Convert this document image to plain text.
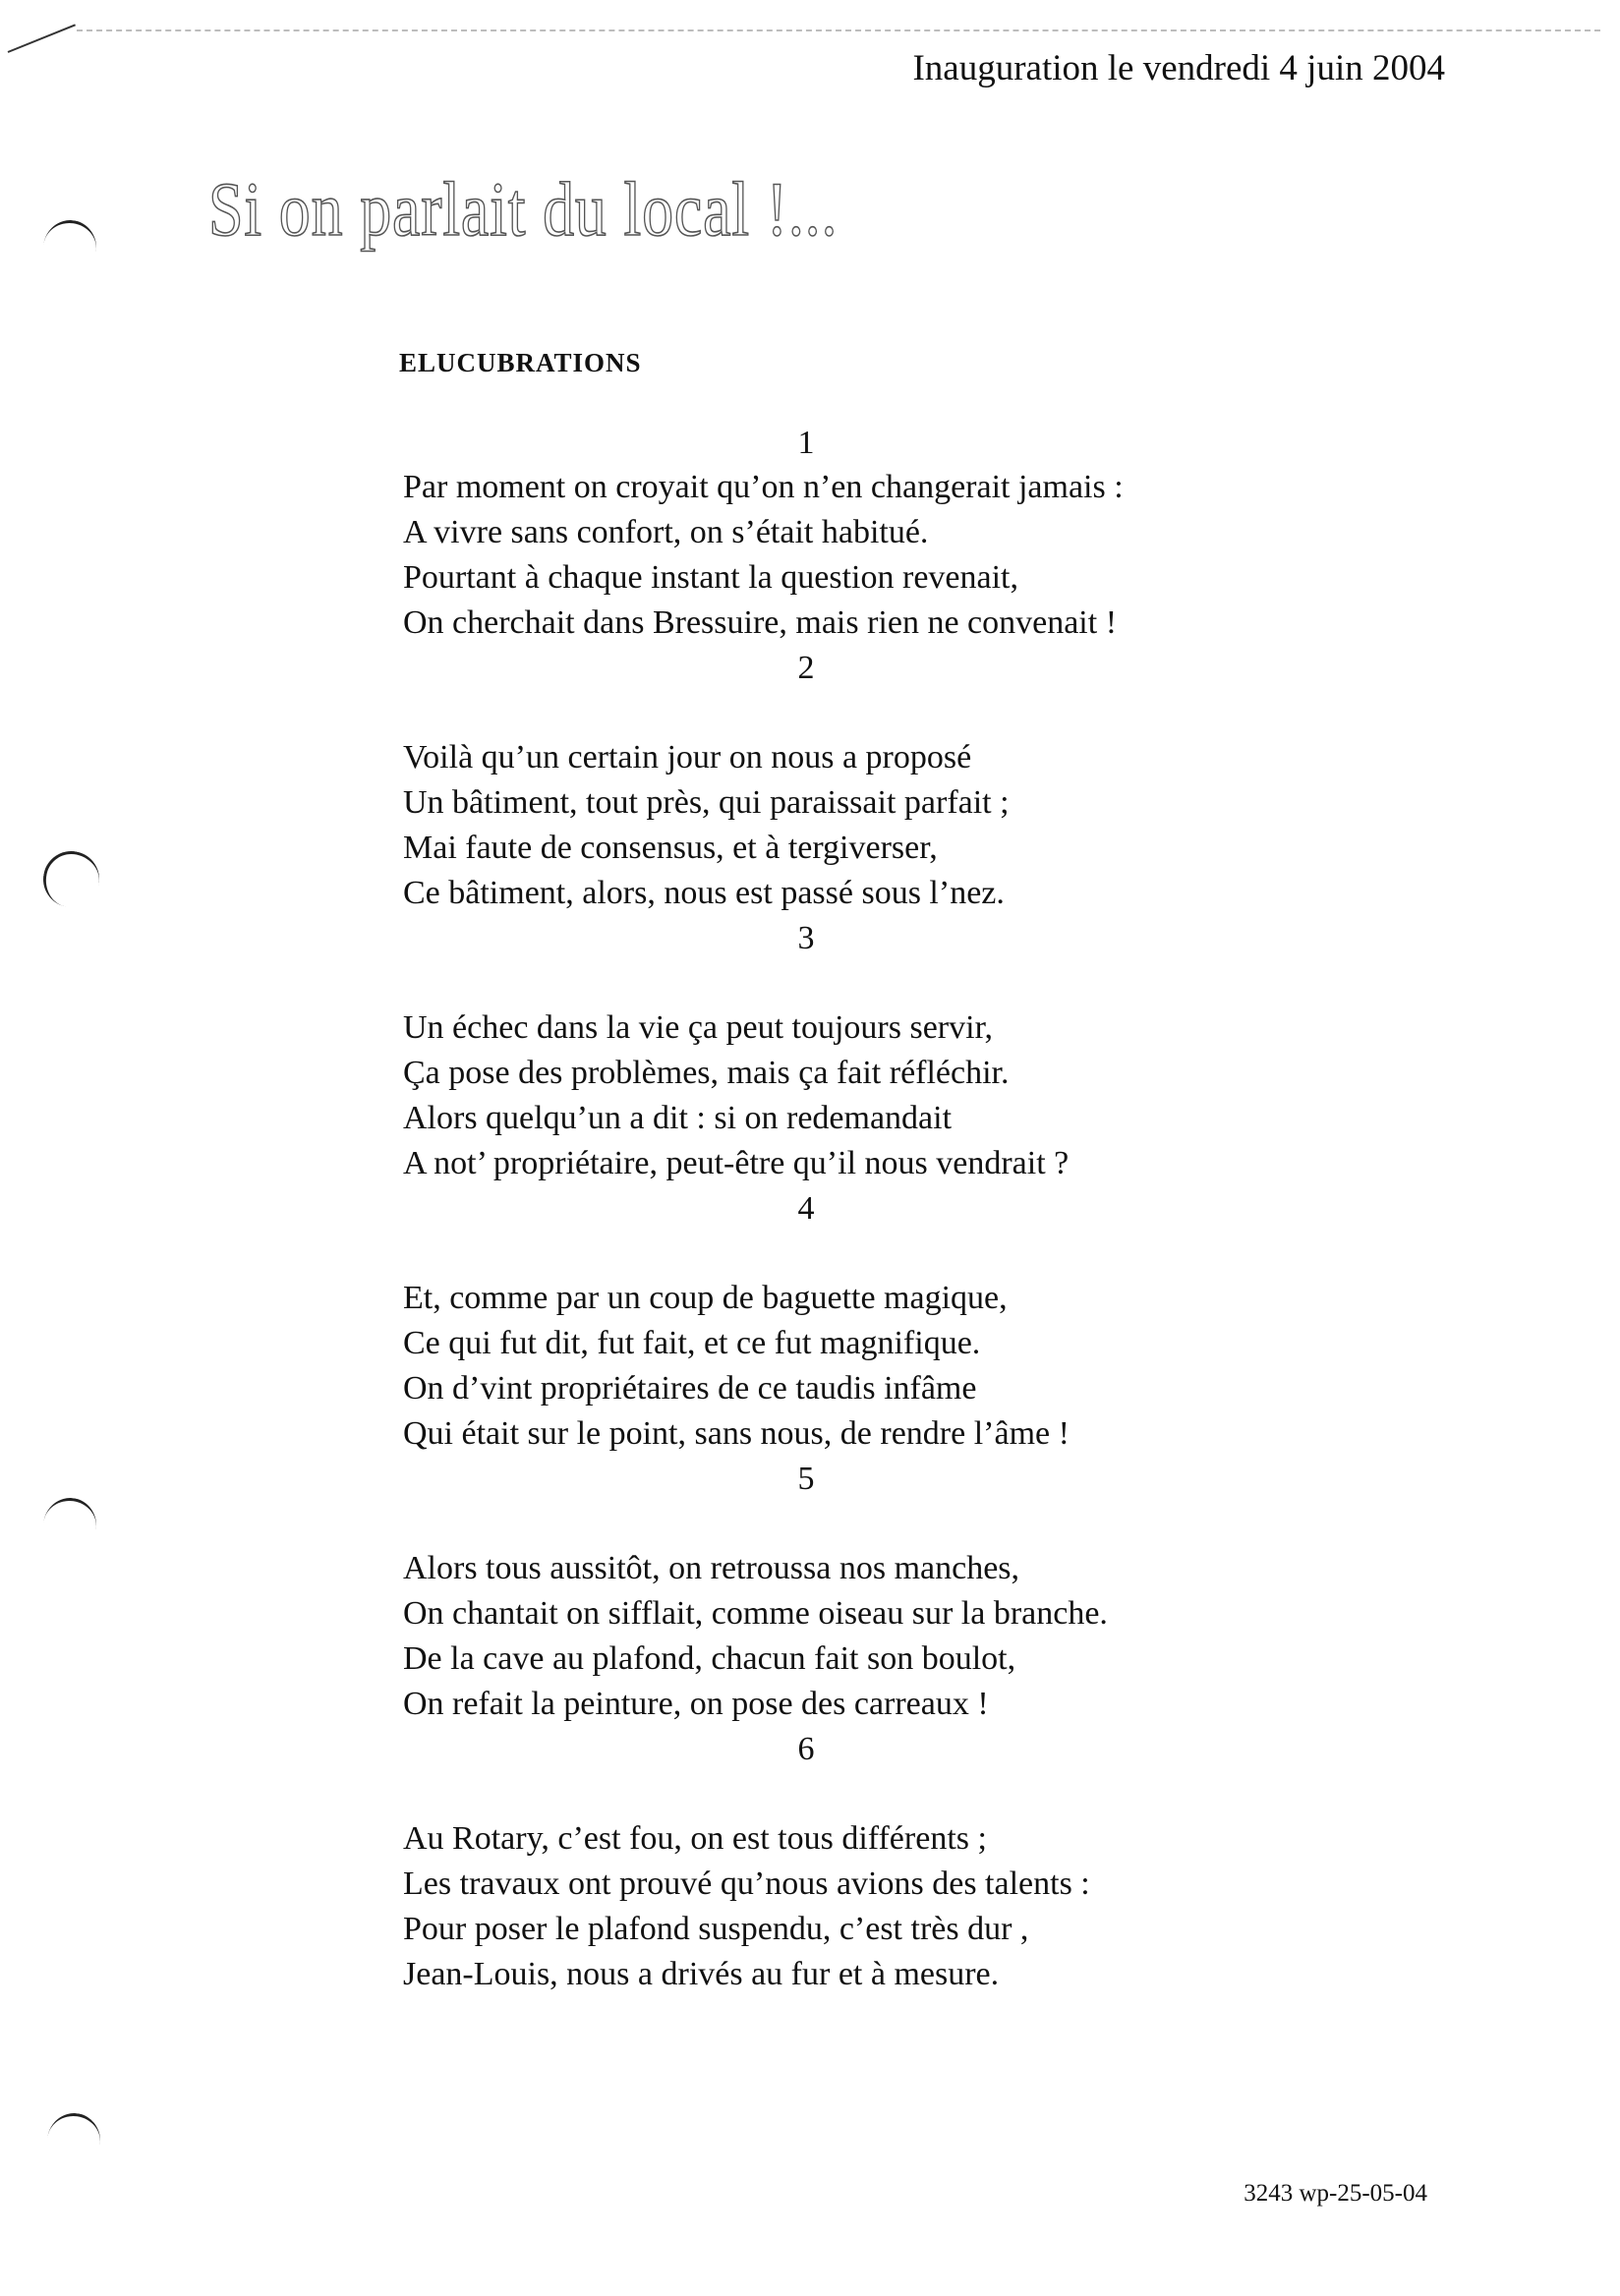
Inauguration le vendredi 4 juin 2004
Si on parlait du local !...
ELUCUBRATIONS
1
Par moment on croyait qu’on n’en changerait jamais :
A vivre sans confort, on s’était habitué.
Pourtant à chaque instant la question revenait,
On cherchait dans Bressuire, mais rien ne convenait !
2
Voilà qu’un certain jour on nous a proposé
Un bâtiment, tout près, qui paraissait parfait ;
Mai faute de consensus, et à tergiverser,
Ce bâtiment, alors, nous est passé sous l’nez.
3
Un échec dans la vie ça peut toujours servir,
Ça pose des problèmes, mais ça fait réfléchir.
Alors quelqu’un a dit : si on redemandait
A not’ propriétaire, peut-être qu’il nous vendrait ?
4
Et, comme par un coup de baguette magique,
Ce qui fut dit, fut fait, et ce fut magnifique.
On d’vint propriétaires de ce taudis infâme
Qui était sur le point, sans nous, de rendre l’âme !
5
Alors tous aussitôt, on retroussa nos manches,
On chantait on sifflait, comme oiseau sur la branche.
De la cave au plafond, chacun fait son boulot,
On refait la peinture, on pose des carreaux !
6
Au Rotary, c’est fou, on est tous différents ;
Les travaux ont prouvé qu’nous avions des talents :
Pour poser le plafond suspendu, c’est très dur ,
Jean-Louis, nous a drivés au fur et à mesure.
3243 wp-25-05-04
